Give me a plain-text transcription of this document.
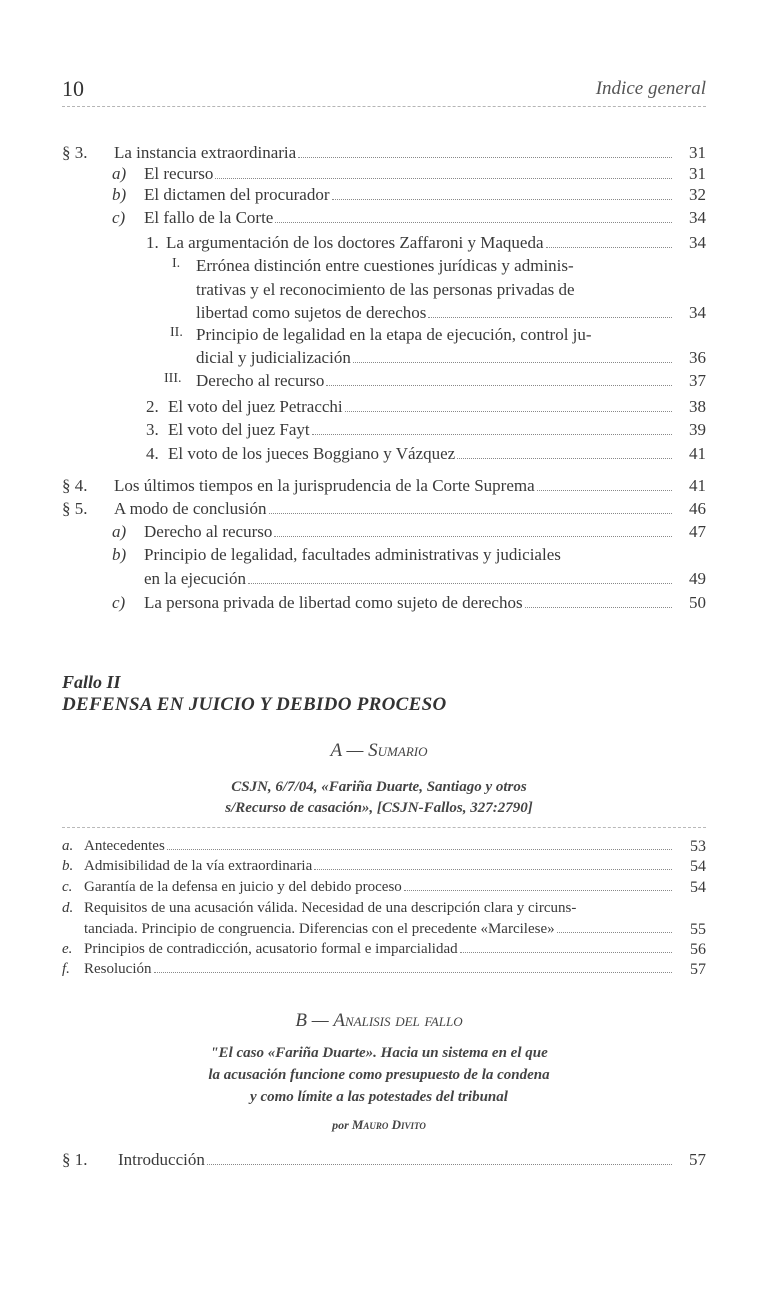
10	Indice general
§ 3. La instancia extraordinaria	31
a) El recurso	31
b) El dictamen del procurador	32
c) El fallo de la Corte	34
1. La argumentación de los doctores Zaffaroni y Maqueda	34
I. Errónea distinción entre cuestiones jurídicas y adminis-
trativas y el reconocimiento de las personas privadas de
libertad como sujetos de derechos	34
II. Principio de legalidad en la etapa de ejecución, control ju-
dicial y judicialización	36
III. Derecho al recurso	37
2. El voto del juez Petracchi	38
3. El voto del juez Fayt	39
4. El voto de los jueces Boggiano y Vázquez	41
§ 4. Los últimos tiempos en la jurisprudencia de la Corte Suprema	41
§ 5. A modo de conclusión	46
a) Derecho al recurso	47
b) Principio de legalidad, facultades administrativas y judiciales
en la ejecución	49
c) La persona privada de libertad como sujeto de derechos	50
Fallo II
DEFENSA EN JUICIO Y DEBIDO PROCESO
A — Sumario
CSJN, 6/7/04, «Fariña Duarte, Santiago y otros
s/Recurso de casación», [CSJN-Fallos, 327:2790]
a. Antecedentes	53
b. Admisibilidad de la vía extraordinaria	54
c. Garantía de la defensa en juicio y del debido proceso	54
d. Requisitos de una acusación válida. Necesidad de una descripción clara y circuns-
tanciada. Principio de congruencia. Diferencias con el precedente «Marcilese»	55
e. Principios de contradicción, acusatorio formal e imparcialidad	56
f. Resolución	57
B — Analisis del fallo
"El caso «Fariña Duarte». Hacia un sistema en el que
la acusación funcione como presupuesto de la condena
y como límite a las potestades del tribunal
por Mauro Divito
§ 1. Introducción	57
